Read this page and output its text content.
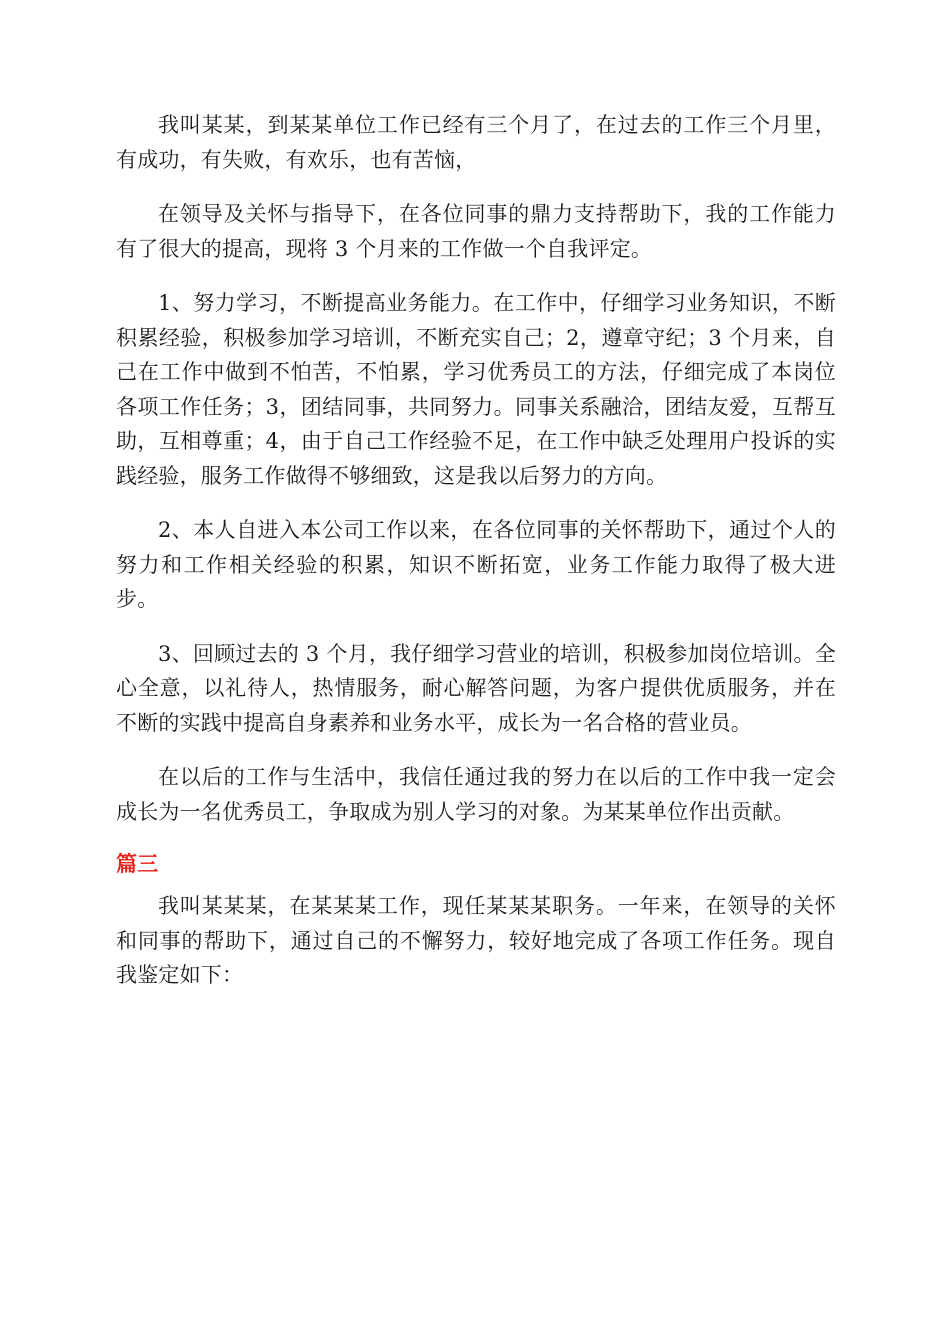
我叫某某，到某某单位工作已经有三个月了，在过去的工作三个月里，有成功，有失败，有欢乐，也有苦恼，

在领导及关怀与指导下，在各位同事的鼎力支持帮助下，我的工作能力有了很大的提高，现将 3 个月来的工作做一个自我评定。

1、努力学习，不断提高业务能力。在工作中，仔细学习业务知识，不断积累经验，积极参加学习培训，不断充实自己；2，遵章守纪；3 个月来，自己在工作中做到不怕苦，不怕累，学习优秀员工的方法，仔细完成了本岗位各项工作任务；3，团结同事，共同努力。同事关系融洽，团结友爱，互帮互助，互相尊重；4，由于自己工作经验不足，在工作中缺乏处理用户投诉的实践经验，服务工作做得不够细致，这是我以后努力的方向。

2、本人自进入本公司工作以来，在各位同事的关怀帮助下，通过个人的努力和工作相关经验的积累，知识不断拓宽，业务工作能力取得了极大进步。

3、回顾过去的 3 个月，我仔细学习营业的培训，积极参加岗位培训。全心全意，以礼待人，热情服务，耐心解答问题，为客户提供优质服务，并在不断的实践中提高自身素养和业务水平，成长为一名合格的营业员。

在以后的工作与生活中，我信任通过我的努力在以后的工作中我一定会成长为一名优秀员工，争取成为别人学习的对象。为某某单位作出贡献。

篇三

我叫某某某，在某某某工作，现任某某某职务。一年来，在领导的关怀和同事的帮助下，通过自己的不懈努力，较好地完成了各项工作任务。现自我鉴定如下：
